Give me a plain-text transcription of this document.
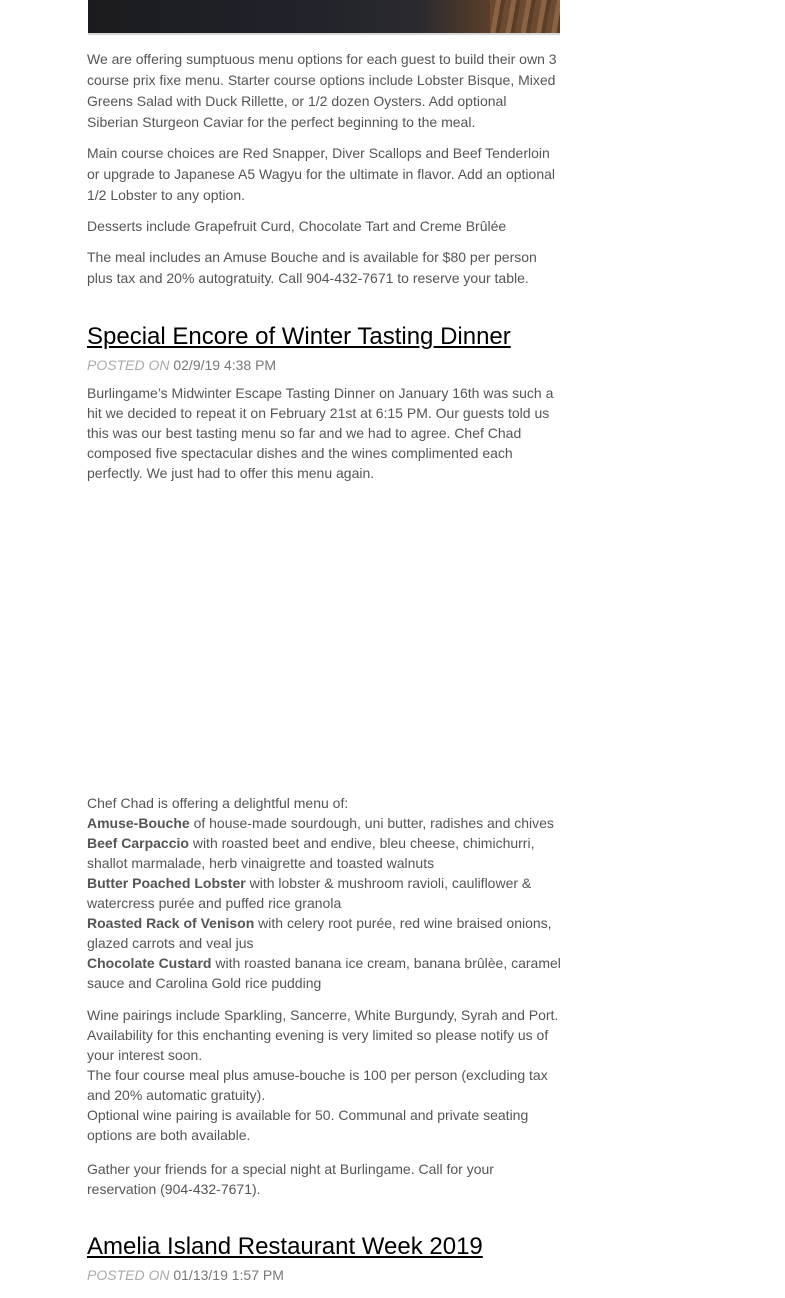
We are offering sumptuous menu options for each guest to build their own 3 course prix fixe menu. Starter course options include Lobster Bisque, Mixed Greens Salad with Duck Rillette, or 1/2 dozen Oysters. Add optional Siberian Sturgeon Caviar for the perfect beginning to the meal.

Main course choices are Red Snapper, Diver Scallops and Beef Tenderloin or upgrade to Japanese A5 Wagyu for the ultimate in flavor. Add an optional 1/2 Lobster to any option.

Desserts include Grapefruit Curd, Chocolate Tart and Creme Brûlée

The meal includes an Amuse Bouche and is available for $80 per person plus tax and 20% autogratuity. Call 904-432-7671 to reserve your table.

Special Encore of Winter Tasting Dinner
POSTED ON 02/9/19 4:38 PM

Burlingame’s Midwinter Escape Tasting Dinner on January 16th was such a hit we decided to repeat it on February 21st at 6:15 PM. Our guests told us this was our best tasting menu so far and we had to agree. Chef Chad composed five spectacular dishes and the wines complimented each perfectly. We just had to offer this menu again.

Chef Chad is offering a delightful menu of:
Amuse-Bouche of house-made sourdough, uni butter, radishes and chives
Beef Carpaccio with roasted beet and endive, bleu cheese, chimichurri, shallot marmalade, herb vinaigrette and toasted walnuts
Butter Poached Lobster with lobster & mushroom ravioli, cauliflower & watercress purée and puffed rice granola
Roasted Rack of Venison with celery root purée, red wine braised onions, glazed carrots and veal jus
Chocolate Custard with roasted banana ice cream, banana brûlèe, caramel sauce and Carolina Gold rice pudding
Wine pairings include Sparkling, Sancerre, White Burgundy, Syrah and Port.
Availability for this enchanting evening is very limited so please notify us of your interest soon.
The four course meal plus amuse-bouche is 100 per person (excluding tax and 20% automatic gratuity).
Optional wine pairing is available for 50. Communal and private seating options are both available.

Gather your friends for a special night at Burlingame. Call for your reservation (904-432-7671).

Amelia Island Restaurant Week 2019
POSTED ON 01/13/19 1:57 PM
